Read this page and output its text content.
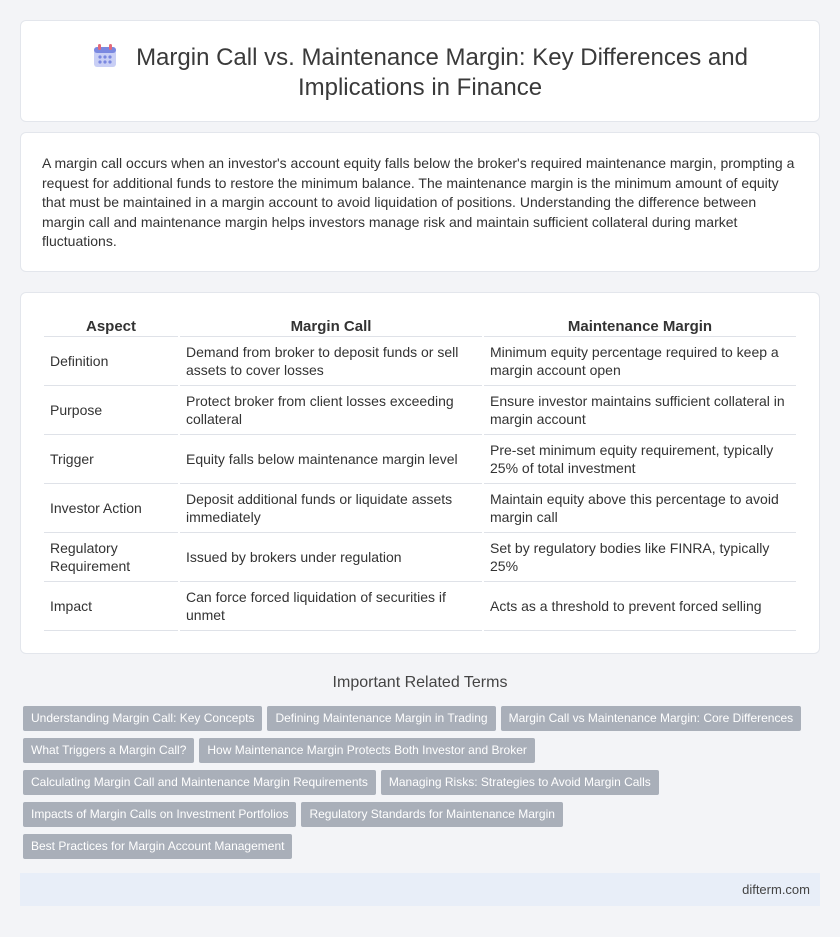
Margin Call vs. Maintenance Margin: Key Differences and Implications in Finance

A margin call occurs when an investor's account equity falls below the broker's required maintenance margin, prompting a request for additional funds to restore the minimum balance. The maintenance margin is the minimum amount of equity that must be maintained in a margin account to avoid liquidation of positions. Understanding the difference between margin call and maintenance margin helps investors manage risk and maintain sufficient collateral during market fluctuations.

Aspect	Margin Call	Maintenance Margin
Definition	Demand from broker to deposit funds or sell assets to cover losses	Minimum equity percentage required to keep a margin account open
Purpose	Protect broker from client losses exceeding collateral	Ensure investor maintains sufficient collateral in margin account
Trigger	Equity falls below maintenance margin level	Pre-set minimum equity requirement, typically 25% of total investment
Investor Action	Deposit additional funds or liquidate assets immediately	Maintain equity above this percentage to avoid margin call
Regulatory Requirement	Issued by brokers under regulation	Set by regulatory bodies like FINRA, typically 25%
Impact	Can force forced liquidation of securities if unmet	Acts as a threshold to prevent forced selling
Important Related Terms
Understanding Margin Call: Key Concepts Defining Maintenance Margin in Trading Margin Call vs Maintenance Margin: Core Differences
What Triggers a Margin Call? How Maintenance Margin Protects Both Investor and Broker
Calculating Margin Call and Maintenance Margin Requirements Managing Risks: Strategies to Avoid Margin Calls
Impacts of Margin Calls on Investment Portfolios Regulatory Standards for Maintenance Margin
Best Practices for Margin Account Management
difterm.com
